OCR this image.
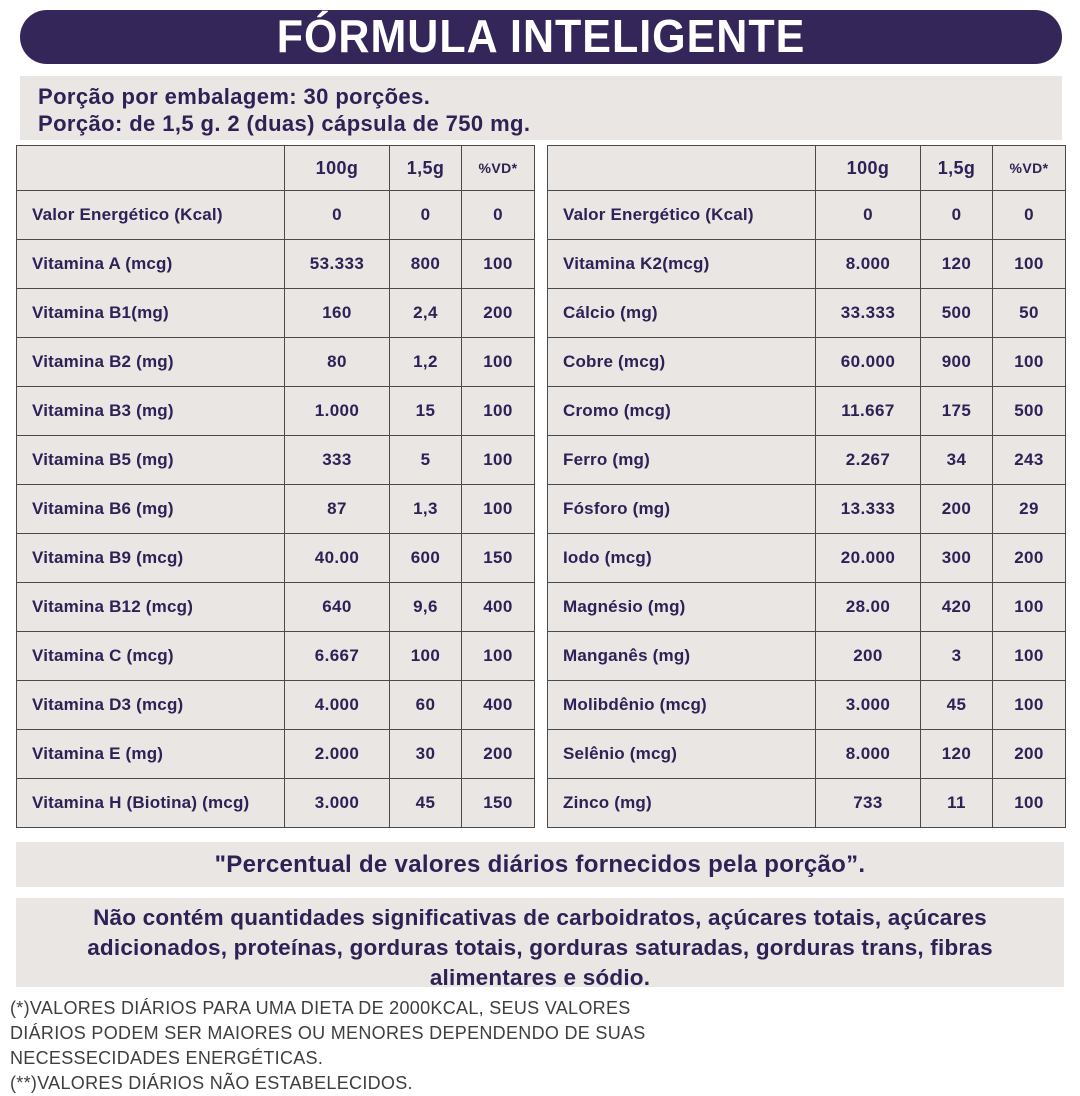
FÓRMULA INTELIGENTE
Porção por embalagem: 30 porções.
Porção: de 1,5 g. 2 (duas) cápsula de 750 mg.
	100g	1,5g	%VD*
Valor Energético (Kcal)	0	0	0
Vitamina A (mcg)	53.333	800	100
Vitamina B1(mg)	160	2,4	200
Vitamina B2 (mg)	80	1,2	100
Vitamina B3 (mg)	1.000	15	100
Vitamina B5 (mg)	333	5	100
Vitamina B6 (mg)	87	1,3	100
Vitamina B9 (mcg)	40.00	600	150
Vitamina B12 (mcg)	640	9,6	400
Vitamina C (mcg)	6.667	100	100
Vitamina D3 (mcg)	4.000	60	400
Vitamina E (mg)	2.000	30	200
Vitamina H (Biotina) (mcg)	3.000	45	150
	100g	1,5g	%VD*
Valor Energético (Kcal)	0	0	0
Vitamina K2(mcg)	8.000	120	100
Cálcio (mg)	33.333	500	50
Cobre (mcg)	60.000	900	100
Cromo (mcg)	11.667	175	500
Ferro (mg)	2.267	34	243
Fósforo (mg)	13.333	200	29
Iodo (mcg)	20.000	300	200
Magnésio (mg)	28.00	420	100
Manganês (mg)	200	3	100
Molibdênio (mcg)	3.000	45	100
Selênio (mcg)	8.000	120	200
Zinco (mg)	733	11	100
"Percentual de valores diários fornecidos pela porção”.
Não contém quantidades significativas de carboidratos, açúcares totais, açúcares adicionados, proteínas, gorduras totais, gorduras saturadas, gorduras trans, fibras alimentares e sódio.
(*)VALORES DIÁRIOS PARA UMA DIETA DE 2000KCAL, SEUS VALORES
DIÁRIOS PODEM SER MAIORES OU MENORES DEPENDENDO DE SUAS
NECESSECIDADES ENERGÉTICAS.
(**)VALORES DIÁRIOS NÃO ESTABELECIDOS.
